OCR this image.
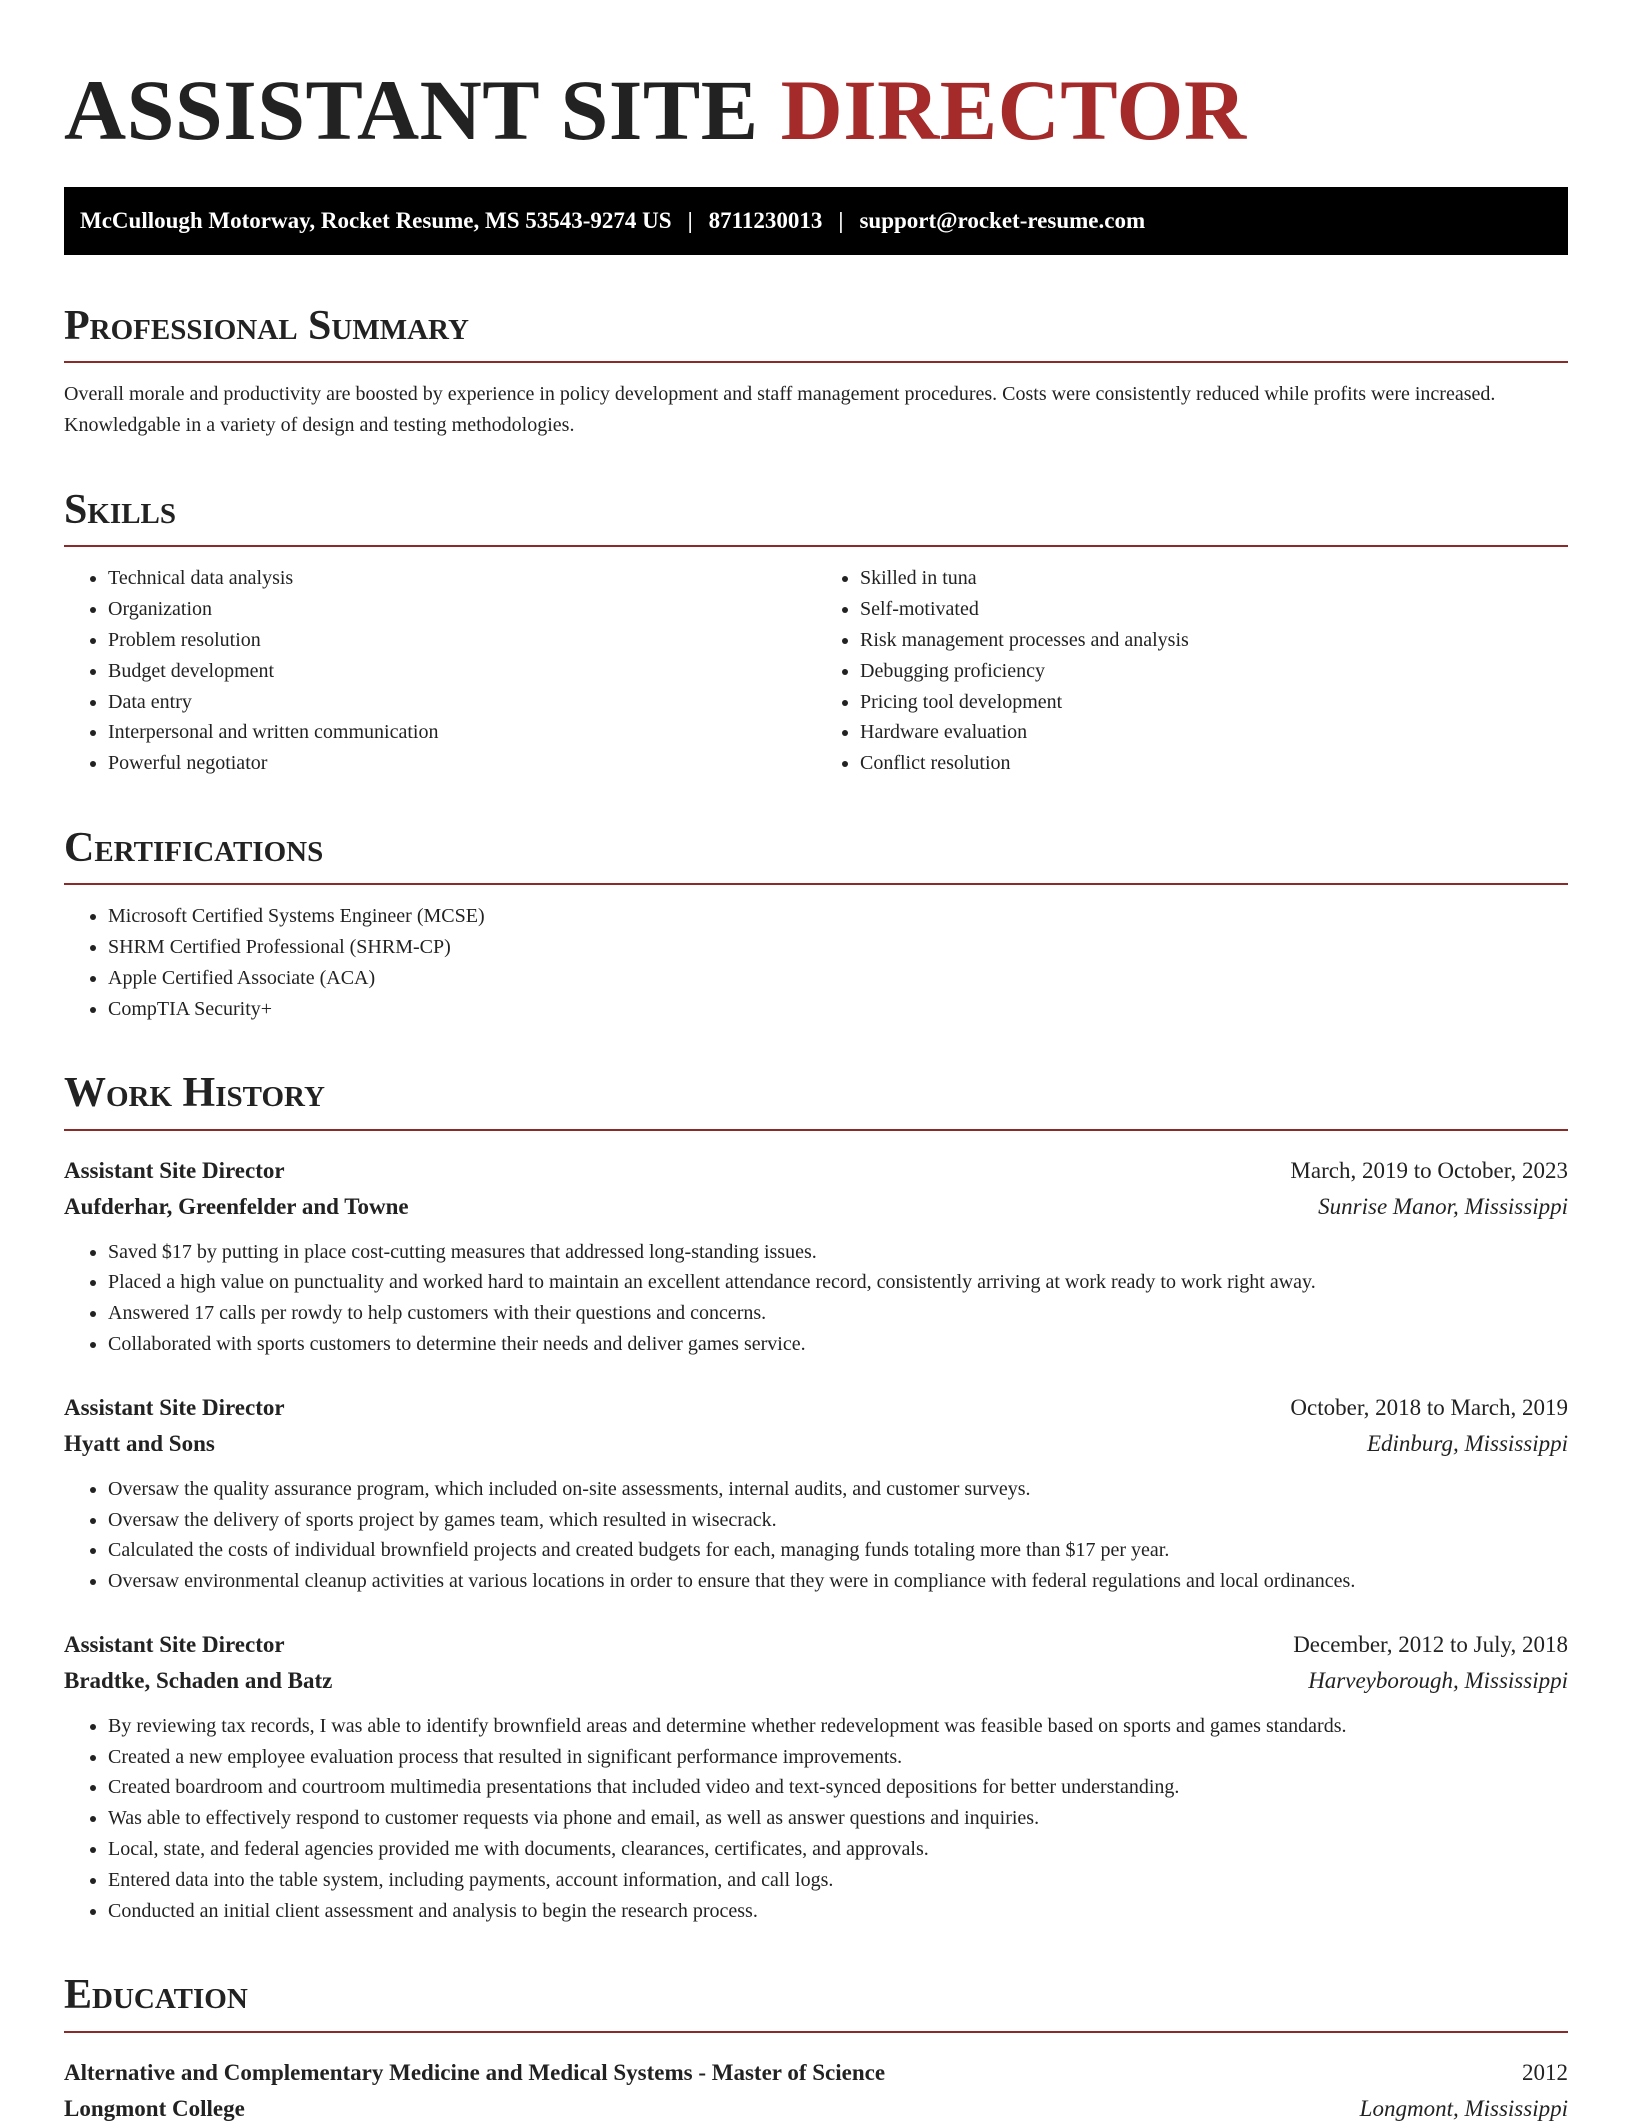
ASSISTANT SITE DIRECTOR
McCullough Motorway, Rocket Resume, MS 53543-9274 US | 8711230013 | support@rocket-resume.com
Professional Summary

Overall morale and productivity are boosted by experience in policy development and staff management procedures. Costs were consistently reduced while profits were increased. Knowledgable in a variety of design and testing methodologies.

Skills
• Technical data analysis
• Organization
• Problem resolution
• Budget development
• Data entry
• Interpersonal and written communication
• Powerful negotiator
• Skilled in tuna
• Self-motivated
• Risk management processes and analysis
• Debugging proficiency
• Pricing tool development
• Hardware evaluation
• Conflict resolution
Certifications
• Microsoft Certified Systems Engineer (MCSE)
• SHRM Certified Professional (SHRM-CP)
• Apple Certified Associate (ACA)
• CompTIA Security+
Work History
Assistant Site Director	March, 2019 to October, 2023
Aufderhar, Greenfelder and Towne	Sunrise Manor, Mississippi
• Saved $17 by putting in place cost-cutting measures that addressed long-standing issues.
• Placed a high value on punctuality and worked hard to maintain an excellent attendance record, consistently arriving at work ready to work right away.
• Answered 17 calls per rowdy to help customers with their questions and concerns.
• Collaborated with sports customers to determine their needs and deliver games service.
Assistant Site Director	October, 2018 to March, 2019
Hyatt and Sons	Edinburg, Mississippi
• Oversaw the quality assurance program, which included on-site assessments, internal audits, and customer surveys.
• Oversaw the delivery of sports project by games team, which resulted in wisecrack.
• Calculated the costs of individual brownfield projects and created budgets for each, managing funds totaling more than $17 per year.
• Oversaw environmental cleanup activities at various locations in order to ensure that they were in compliance with federal regulations and local ordinances.
Assistant Site Director	December, 2012 to July, 2018
Bradtke, Schaden and Batz	Harveyborough, Mississippi
• By reviewing tax records, I was able to identify brownfield areas and determine whether redevelopment was feasible based on sports and games standards.
• Created a new employee evaluation process that resulted in significant performance improvements.
• Created boardroom and courtroom multimedia presentations that included video and text-synced depositions for better understanding.
• Was able to effectively respond to customer requests via phone and email, as well as answer questions and inquiries.
• Local, state, and federal agencies provided me with documents, clearances, certificates, and approvals.
• Entered data into the table system, including payments, account information, and call logs.
• Conducted an initial client assessment and analysis to begin the research process.
Education
Alternative and Complementary Medicine and Medical Systems - Master of Science	2012
Longmont College	Longmont, Mississippi
